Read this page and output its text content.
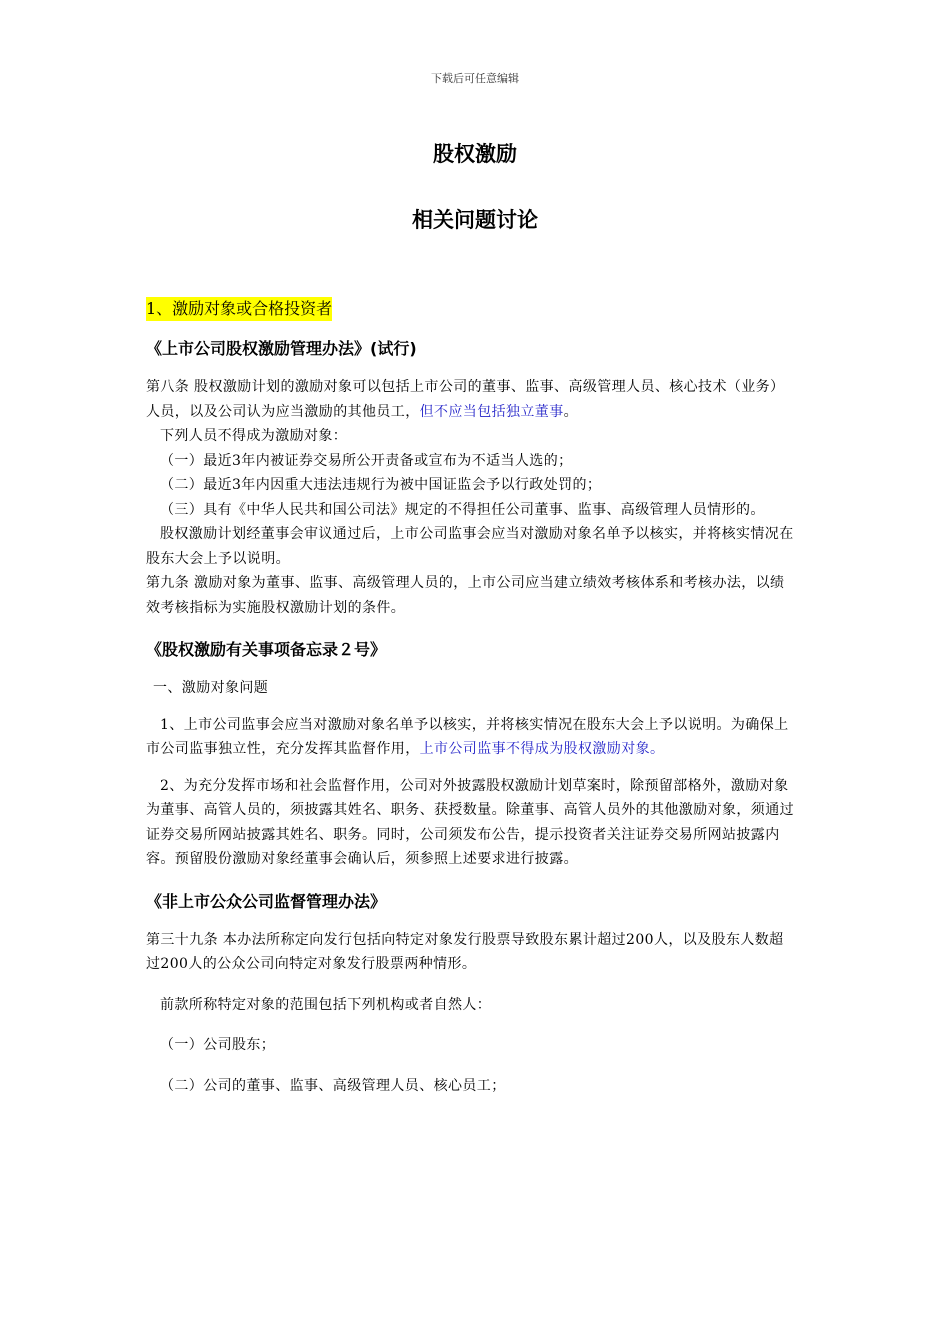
下载后可任意编辑
股权激励
相关问题讨论
1、激励对象或合格投资者
《上市公司股权激励管理办法》(试行)

第八条 股权激励计划的激励对象可以包括上市公司的董事、监事、高级管理人员、核心技术（业务）人员，以及公司认为应当激励的其他员工，但不应当包括独立董事。

下列人员不得成为激励对象：

（一）最近3年内被证券交易所公开责备或宣布为不适当人选的；

（二）最近3年内因重大违法违规行为被中国证监会予以行政处罚的；

（三）具有《中华人民共和国公司法》规定的不得担任公司董事、监事、高级管理人员情形的。

股权激励计划经董事会审议通过后，上市公司监事会应当对激励对象名单予以核实，并将核实情况在股东大会上予以说明。

第九条 激励对象为董事、监事、高级管理人员的，上市公司应当建立绩效考核体系和考核办法，以绩效考核指标为实施股权激励计划的条件。

《股权激励有关事项备忘录２号》

一、激励对象问题

1、上市公司监事会应当对激励对象名单予以核实，并将核实情况在股东大会上予以说明。为确保上市公司监事独立性，充分发挥其监督作用，上市公司监事不得成为股权激励对象。

2、为充分发挥市场和社会监督作用，公司对外披露股权激励计划草案时，除预留部格外，激励对象为董事、高管人员的，须披露其姓名、职务、获授数量。除董事、高管人员外的其他激励对象，须通过证券交易所网站披露其姓名、职务。同时，公司须发布公告，提示投资者关注证券交易所网站披露内容。预留股份激励对象经董事会确认后，须参照上述要求进行披露。

《非上市公众公司监督管理办法》

第三十九条 本办法所称定向发行包括向特定对象发行股票导致股东累计超过200人，以及股东人数超过200人的公众公司向特定对象发行股票两种情形。

前款所称特定对象的范围包括下列机构或者自然人：

（一）公司股东；

（二）公司的董事、监事、高级管理人员、核心员工；
